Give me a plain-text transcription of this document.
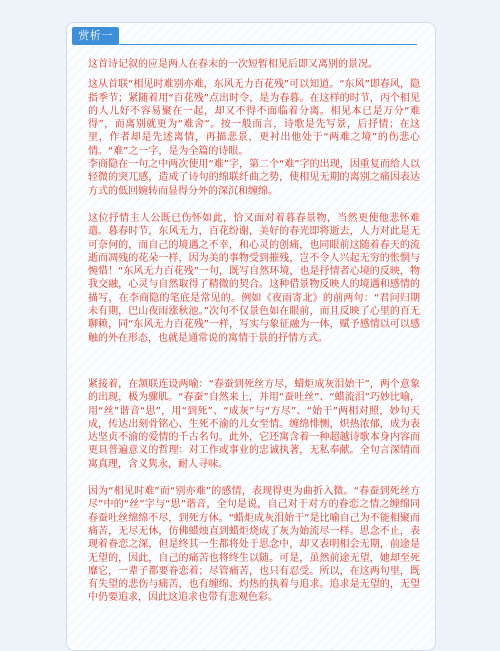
赏析一

这首诗记叙的应是两人在春末的一次短暂相见后即又离别的景况。

这从首联“相见时难别亦难，东风无力百花残”可以知道。“东风”即春风，隐指季节；紧随着用“百花残”点出时令，是为春暮。在这样的时节，丙个相见的人儿好不容易聚在一起，却又不得不面临着分离。相见本已是万分“难得”，而离别就更为“难舍”。按一般而言，诗歌是先写景，后抒情；在这里，作者却是先述离情，再描悲景，更衬出他处于“两难之境”的伤悲心情。“难”之一字，是为全篇的诗眼。

李商隐在一句之中两次使用“难”字，第二个“难”字的出现，因重复而给人以轻微的突兀感，造成了诗句的绵联纤曲之势，使相见无期的离别之痛因表达方式的低回婉转而显得分外的深沉和缠绵。

这位抒情主人公既已伤怀如此，恰又面对着暮春景物，当然更使他悲怀难遣。暮春时节，东风无力，百花纷谢，美好的春光即将逝去，人力对此是无可奈何的，而自己的境遇之不幸，和心灵的创痛，也同眼前这随着春天的流逝而凋残的花朵一样，因为美的事物受到摧残，岂不令人兴起无穷的怅惘与惋惜！“东风无力百花残”一句，既写自然环境，也是抒情者心境的反映，物我交融，心灵与自然取得了精微的契合。这种借景物反映人的境遇和感情的描写，在李商隐的笔底是常见的。例如《夜雨寄北》的前两句：“君问归期未有期，巴山夜雨涨秋池。”次句不仅景色如在眼前，而且反映了心里的百无聊赖，同“东风无力百花残”一样，写实与象征融为一体，赋予感情以可以感触的外在形态，也就是通常说的寓情于景的抒情方式。

紧接着，在颔联连设两喻：“春蚕到死丝方尽，蜡炬成灰泪始干”，两个意象的出现，极为骤肌。“春蚕”自然来上，并用“蚕吐丝”、“蜡流泪”巧妙比喻，用“丝”谐音“思”，用“到死”、“成灰”与“方尽”、“始干”两相对照，妙句天成，传达出刻骨铭心、生死不渝的儿女至情。缠绵悱恻，炽热浓郁，成为表达坚贞不渝的爱情的千古名句。此外，它还寓含着一种超越诗歌本身内容而更具普遍意义的哲理：对工作或事业的忠诚执著，无私奉献。全句言深情而寓真理，含义隽永，耐人寻味。

因为“相见时难”而“别亦难”的感情，表现得更为曲折入微。“春蚕到死丝方尽”中的“丝”字与“思”谐音，全句是说，自己对于对方的眷恋之情之缠绵同春蚕吐丝绵绵不尽，到死方休。“蜡炬成灰泪始干”是比喻自己为不能相聚而痛苦，无尽无休，仿佛蜡烛直到蜡炬烧成了灰为始流尽一样。思念不止，表现着眷恋之深，但是终其一生都将处于思念中，却又表明相会无期，前途是无望的，因此，自己的痛苦也将终生以随。可是，虽然前途无望，她却至死靡它，一辈子都要眷恋着；尽管痛苦，也只有忍受。所以，在这两句里，既有失望的悲伤与痛苦，也有缠绵、灼热的执着与追求。追求是无望的，无望中仍要追求，因此这追求也带有悲观色彩。
